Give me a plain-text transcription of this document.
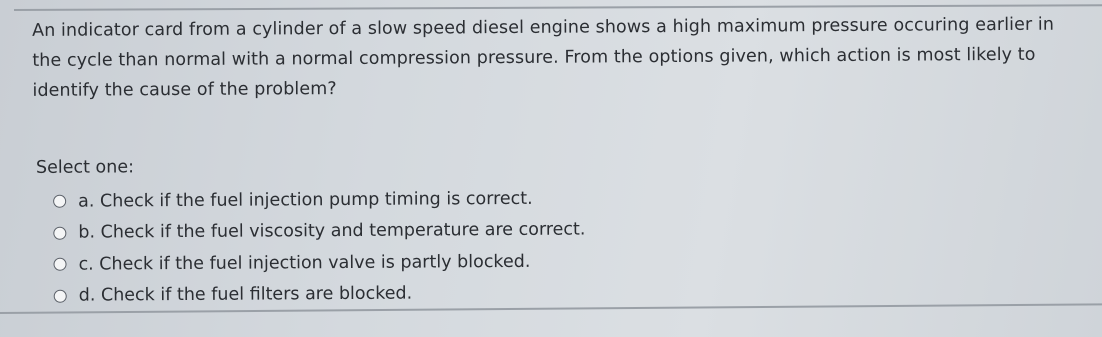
An indicator card from a cylinder of a slow speed diesel engine shows a high maximum pressure occuring earlier in the cycle than normal with a normal compression pressure. From the options given, which action is most likely to identify the cause of the problem?

Select one:
a. Check if the fuel injection pump timing is correct.
b. Check if the fuel viscosity and temperature are correct.
c. Check if the fuel injection valve is partly blocked.
d. Check if the fuel filters are blocked.
